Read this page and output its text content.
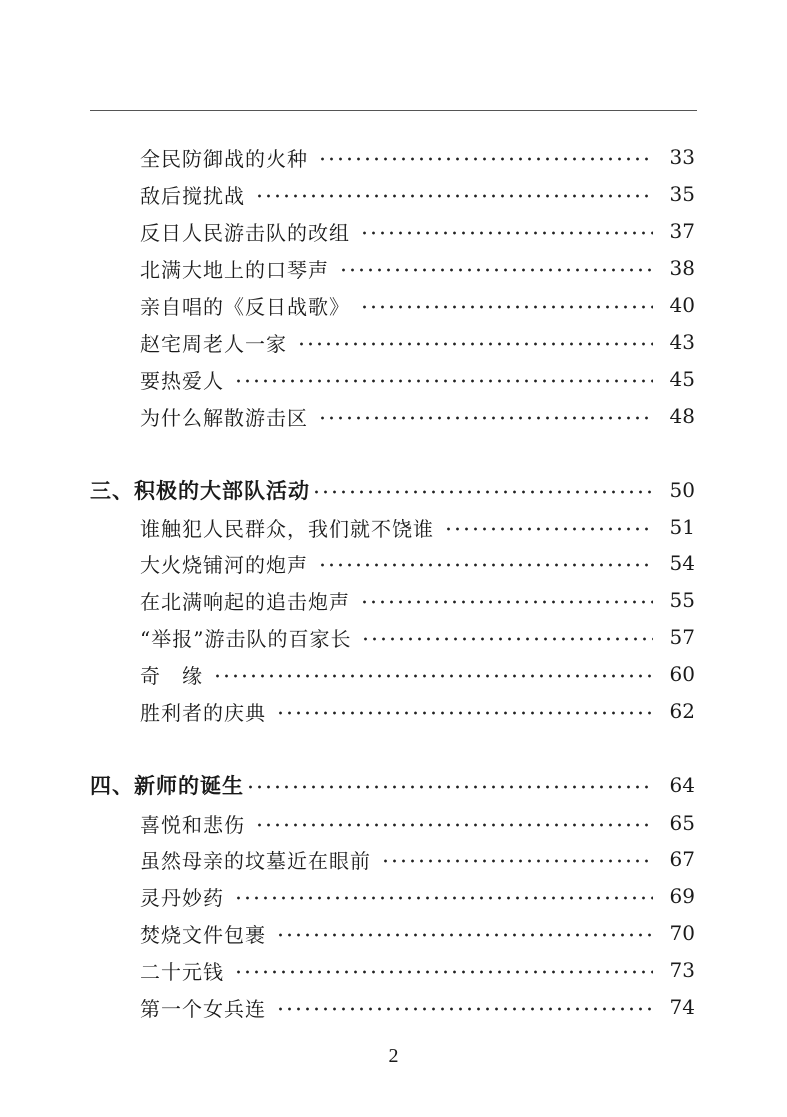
全民防御战的火种	33
敌后搅扰战	35
反日人民游击队的改组	37
北满大地上的口琴声	38
亲自唱的《反日战歌》	40
赵宅周老人一家	43
要热爱人	45
为什么解散游击区	48
三、积极的大部队活动	50
谁触犯人民群众，我们就不饶谁	51
大火烧铺河的炮声	54
在北满响起的追击炮声	55
“举报”游击队的百家长	57
奇　缘	60
胜利者的庆典	62
四、新师的诞生	64
喜悦和悲伤	65
虽然母亲的坟墓近在眼前	67
灵丹妙药	69
焚烧文件包裹	70
二十元钱	73
第一个女兵连	74
2
